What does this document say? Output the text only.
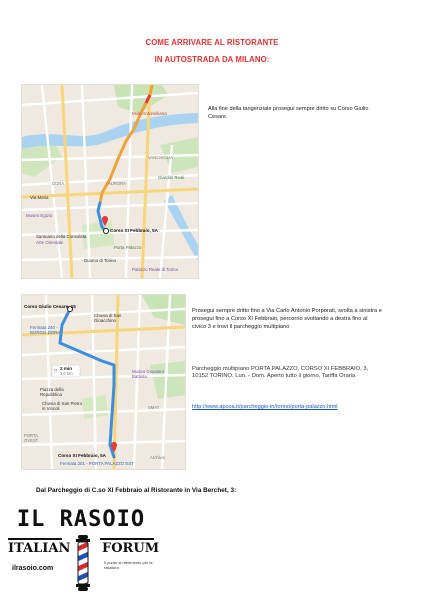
COME ARRIVARE AL RISTORANTE
IN AUTOSTRADA DA MILANO:
Mole Antonelliana
VANCHIGLIA
Giardini Reali
AURORA
DORA
Via Maria
Corso XI Febbraio, 5A
Museo Egizio
Santuario della Consolata
Arte Orientale
Porta Palazzo
Duomo di Torino
Palazzo Reale di Torino
Alla fine della tangenziale prosegui sempre dritto su Corso Giulio Cesare.
Corso Giulio Cesare, 15
Fermata 240 - BORGO DORA
□ 2 min
1,0 km
Piazza della Repubblica
Chiesa di San Pietro in Vincoli
Chiesa di San Gioacchino
Museo Giovanni Battista
SMAT
PORTA OVEST
Corso XI Febbraio, 5A
Fermata 201 - PORTA PALAZZO EST
Archivio
Prosegui sempre dritto fino a Via Carlo Antonio Porporati, svolta a sinistra e prosegui fino a Corso XI Febbraio, percorrio svoltando a destra fino al civico 3 e trovi il parcheggio multipiano
Parcheggio multipiano PORTA PALAZZO, CORSO XI FEBBRAIO, 3, 10152 TORINO, Lun. - Dom. Aperto tutto il giorno, Tariffa Oraria
http://www.apcoa.it/parcheggio-in/torino/porta-palazzo.html
Dal Parcheggio di C.so XI Febbraio al Ristorante in Via Berchet, 3:
IL RASOIO
ITALIAN FORUM
ilrasoio.com
Il punto di riferimento per la rasatura
